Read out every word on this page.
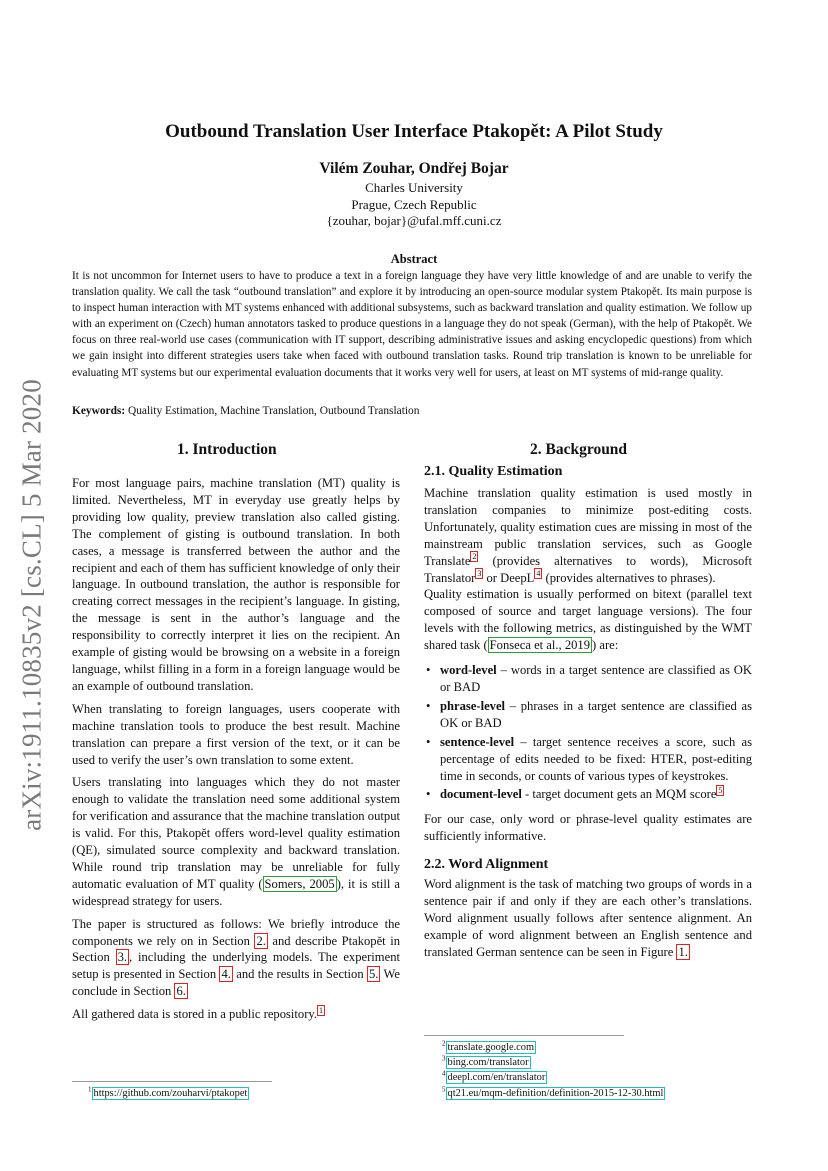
arXiv:1911.10835v2 [cs.CL] 5 Mar 2020
Outbound Translation User Interface Ptakopět: A Pilot Study
Vilém Zouhar, Ondřej Bojar
Charles University
Prague, Czech Republic
{zouhar, bojar}@ufal.mff.cuni.cz
Abstract
It is not uncommon for Internet users to have to produce a text in a foreign language they have very little knowledge of and are unable to verify the translation quality. We call the task “outbound translation” and explore it by introducing an open-source modular system Ptakopět. Its main purpose is to inspect human interaction with MT systems enhanced with additional subsystems, such as backward translation and quality estimation. We follow up with an experiment on (Czech) human annotators tasked to produce questions in a language they do not speak (German), with the help of Ptakopět. We focus on three real-world use cases (communication with IT support, describing administrative issues and asking encyclopedic questions) from which we gain insight into different strategies users take when faced with outbound translation tasks. Round trip translation is known to be unreliable for evaluating MT systems but our experimental evaluation documents that it works very well for users, at least on MT systems of mid-range quality.
Keywords: Quality Estimation, Machine Translation, Outbound Translation
1. Introduction

For most language pairs, machine translation (MT) quality is limited. Nevertheless, MT in everyday use greatly helps by providing low quality, preview translation also called gisting. The complement of gisting is outbound translation. In both cases, a message is transferred between the author and the recipient and each of them has sufficient knowledge of only their language. In outbound translation, the author is responsible for creating correct messages in the recipient’s language. In gisting, the message is sent in the author’s language and the responsibility to correctly interpret it lies on the recipient. An example of gisting would be browsing on a website in a foreign language, whilst filling in a form in a foreign language would be an example of outbound translation.

When translating to foreign languages, users cooperate with machine translation tools to produce the best result. Machine translation can prepare a first version of the text, or it can be used to verify the user’s own translation to some extent.

Users translating into languages which they do not master enough to validate the translation need some additional system for verification and assurance that the machine translation output is valid. For this, Ptakopět offers word-level quality estimation (QE), simulated source complexity and backward translation. While round trip translation may be unreliable for fully automatic evaluation of MT quality ( Somers, 2005 ), it is still a widespread strategy for users.

The paper is structured as follows: We briefly introduce the components we rely on in Section 2. and describe Ptakopět in Section 3. , including the underlying models. The experiment setup is presented in Section 4. and the results in Section 5. We conclude in Section 6.

All gathered data is stored in a public repository. $^1$

2. Background
2.1. Quality Estimation

Machine translation quality estimation is used mostly in translation companies to minimize post-editing costs. Unfortunately, quality estimation cues are missing in most of the mainstream public translation services, such as Google Translate $^2$ (provides alternatives to words), Microsoft Translator $^3$ or DeepL $^4$ (provides alternatives to phrases).

Quality estimation is usually performed on bitext (parallel text composed of source and target language versions). The four levels with the following metrics, as distinguished by the WMT shared task ( Fonseca et al., 2019 ) are:

• word-level – words in a target sentence are classified as OK or BAD
• phrase-level – phrases in a target sentence are classified as OK or BAD
• sentence-level – target sentence receives a score, such as percentage of edits needed to be fixed: HTER, post-editing time in seconds, or counts of various types of keystrokes.
• document-level - target document gets an MQM score $^5$

For our case, only word or phrase-level quality estimates are sufficiently informative.

2.2. Word Alignment

Word alignment is the task of matching two groups of words in a sentence pair if and only if they are each other’s translations. Word alignment usually follows after sentence alignment. An example of word alignment between an English sentence and translated German sentence can be seen in Figure 1.

$^1$ https://github.com/zouharvi/ptakopet
$^2$ translate.google.com
$^3$ bing.com/translator
$^4$ deepl.com/en/translator
$^5$ qt21.eu/mqm-definition/definition-2015-12-30.html
